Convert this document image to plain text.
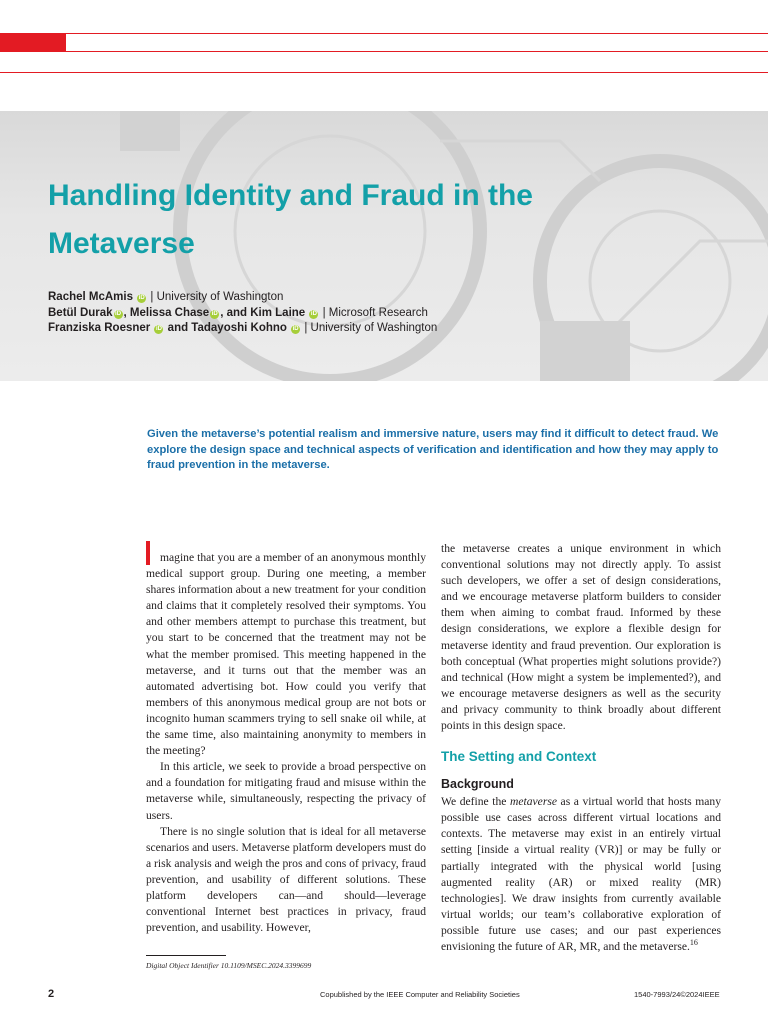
Handling Identity and Fraud in the Metaverse
Rachel McAmis iD | University of Washington
Betül Durak iD , Melissa Chase iD , and Kim Laine iD | Microsoft Research
Franziska Roesner iD and Tadayoshi Kohno iD | University of Washington

Given the metaverse’s potential realism and immersive nature, users may find it difficult to detect fraud. We explore the design space and technical aspects of verification and identification and how they may apply to fraud prevention in the metaverse.

magine that you are a member of an anonymous monthly medical support group. During one meeting, a member shares information about a new treatment for your condition and claims that it completely resolved their symptoms. You and other members attempt to purchase this treatment, but you start to be concerned that the treatment may not be what the member promised. This meeting happened in the metaverse, and it turns out that the member was an automated advertising bot. How could you verify that members of this anonymous medical group are not bots or incognito human scammers trying to sell snake oil while, at the same time, also maintaining anonymity to members in the meeting?

In this article, we seek to provide a broad perspective on and a foundation for mitigating fraud and misuse within the metaverse while, simultaneously, respecting the privacy of users.

There is no single solution that is ideal for all metaverse scenarios and users. Metaverse platform developers must do a risk analysis and weigh the pros and cons of privacy, fraud prevention, and usability of different solutions. These platform developers can—and should—leverage conventional Internet best practices in privacy, fraud prevention, and usability. However,

the metaverse creates a unique environment in which conventional solutions may not directly apply. To assist such developers, we offer a set of design considerations, and we encourage metaverse platform builders to consider them when aiming to combat fraud. Informed by these design considerations, we explore a flexible design for metaverse identity and fraud prevention. Our exploration is both conceptual (What properties might solutions provide?) and technical (How might a system be implemented?), and we encourage metaverse designers as well as the security and privacy community to think broadly about different points in this design space.

The Setting and Context
Background

We define the metaverse as a virtual world that hosts many possible use cases across different virtual locations and contexts. The metaverse may exist in an entirely virtual setting [inside a virtual reality (VR)] or may be fully or partially integrated with the physical world [using augmented reality (AR) or mixed reality (MR) technologies]. We draw insights from currently available virtual worlds; our team’s collaborative exploration of possible future use cases; and our past experiences envisioning the future of AR, MR, and the metaverse.$^{16}$

Digital Object Identifier 10.1109/MSEC.2024.3399699
2	Copublished by the IEEE Computer and Reliability Societies	1540-7993/24©2024IEEE
